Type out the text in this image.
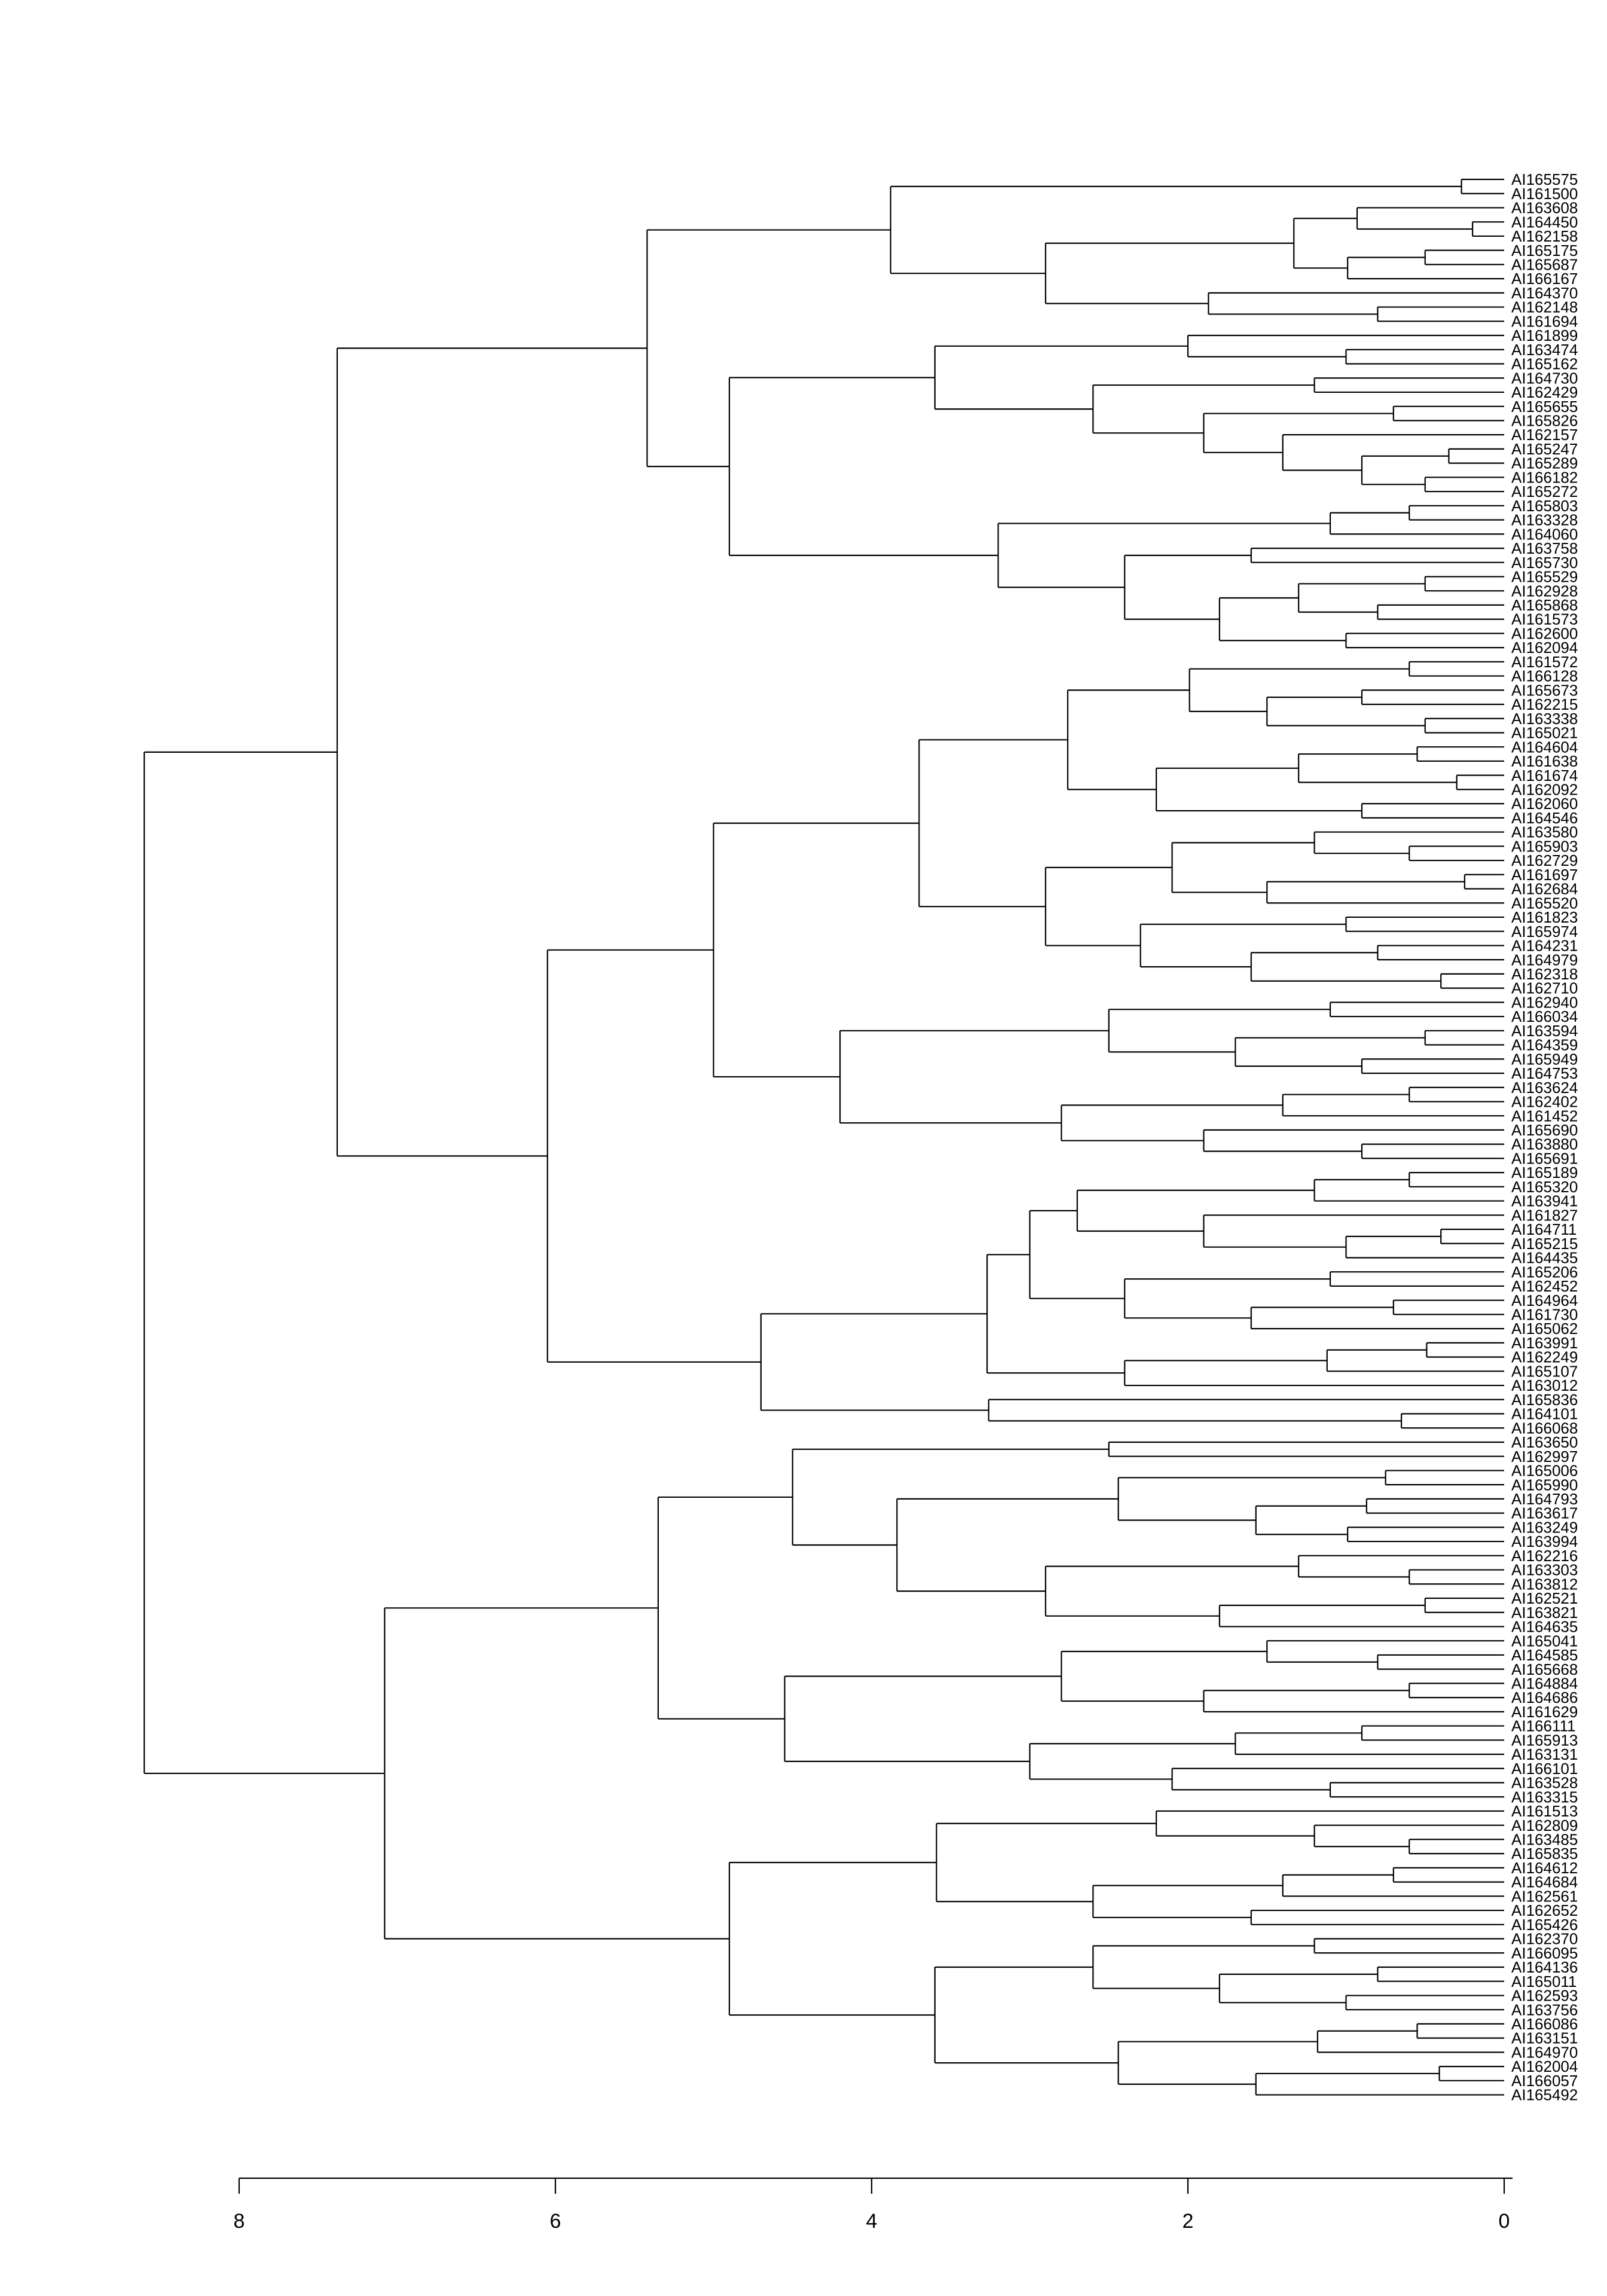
AI165575
AI161500
AI163608
AI164450
AI162158
AI165175
AI165687
AI166167
AI164370
AI162148
AI161694
AI161899
AI163474
AI165162
AI164730
AI162429
AI165655
AI165826
AI162157
AI165247
AI165289
AI166182
AI165272
AI165803
AI163328
AI164060
AI163758
AI165730
AI165529
AI162928
AI165868
AI161573
AI162600
AI162094
AI161572
AI166128
AI165673
AI162215
AI163338
AI165021
AI164604
AI161638
AI161674
AI162092
AI162060
AI164546
AI163580
AI165903
AI162729
AI161697
AI162684
AI165520
AI161823
AI165974
AI164231
AI164979
AI162318
AI162710
AI162940
AI166034
AI163594
AI164359
AI165949
AI164753
AI163624
AI162402
AI161452
AI165690
AI163880
AI165691
AI165189
AI165320
AI163941
AI161827
AI164711
AI165215
AI164435
AI165206
AI162452
AI164964
AI161730
AI165062
AI163991
AI162249
AI165107
AI163012
AI165836
AI164101
AI166068
AI163650
AI162997
AI165006
AI165990
AI164793
AI163617
AI163249
AI163994
AI162216
AI163303
AI163812
AI162521
AI163821
AI164635
AI165041
AI164585
AI165668
AI164884
AI164686
AI161629
AI166111
AI165913
AI163131
AI166101
AI163528
AI163315
AI161513
AI162809
AI163485
AI165835
AI164612
AI164684
AI162561
AI162652
AI165426
AI162370
AI166095
AI164136
AI165011
AI162593
AI163756
AI166086
AI163151
AI164970
AI162004
AI166057
AI165492
8	6	4	2	0
